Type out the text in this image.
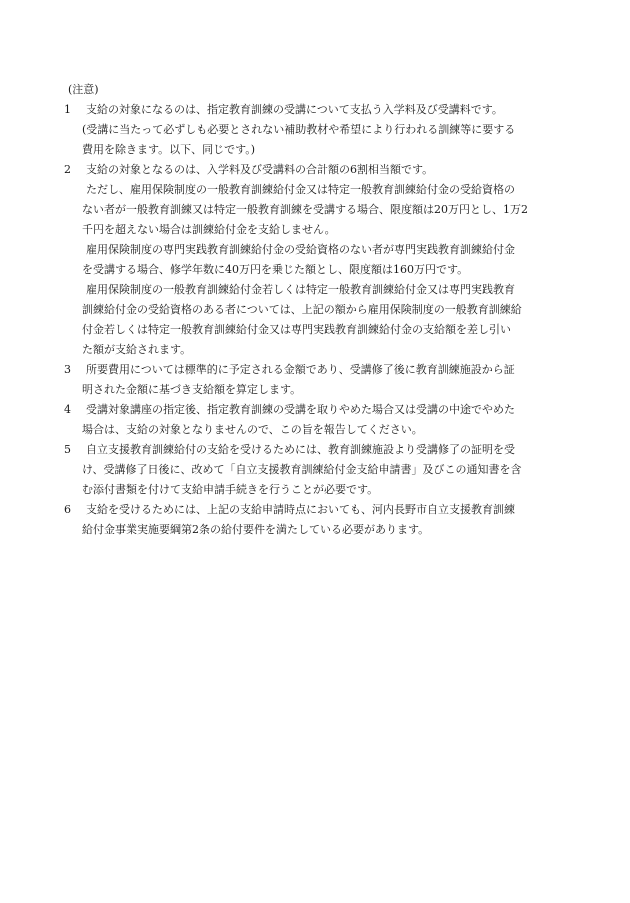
(注意)
1 支給の対象になるのは、指定教育訓練の受講について支払う入学料及び受講料です。
(受講に当たって必ずしも必要とされない補助教材や希望により行われる訓練等に要する
費用を除きます。以下、同じです。)
2 支給の対象となるのは、入学料及び受講料の合計額の6割相当額です。
ただし、雇用保険制度の一般教育訓練給付金又は特定一般教育訓練給付金の受給資格の
ない者が一般教育訓練又は特定一般教育訓練を受講する場合、限度額は20万円とし、1万2
千円を超えない場合は訓練給付金を支給しません。
雇用保険制度の専門実践教育訓練給付金の受給資格のない者が専門実践教育訓練給付金
を受講する場合、修学年数に40万円を乗じた額とし、限度額は160万円です。
雇用保険制度の一般教育訓練給付金若しくは特定一般教育訓練給付金又は専門実践教育
訓練給付金の受給資格のある者については、上記の額から雇用保険制度の一般教育訓練給
付金若しくは特定一般教育訓練給付金又は専門実践教育訓練給付金の支給額を差し引い
た額が支給されます。
3 所要費用については標準的に予定される金額であり、受講修了後に教育訓練施設から証
明された金額に基づき支給額を算定します。
4 受講対象講座の指定後、指定教育訓練の受講を取りやめた場合又は受講の中途でやめた
場合は、支給の対象となりませんので、この旨を報告してください。
5 自立支援教育訓練給付の支給を受けるためには、教育訓練施設より受講修了の証明を受
け、受講修了日後に、改めて「自立支援教育訓練給付金支給申請書」及びこの通知書を含
む添付書類を付けて支給申請手続きを行うことが必要です。
6 支給を受けるためには、上記の支給申請時点においても、河内長野市自立支援教育訓練
給付金事業実施要綱第2条の給付要件を満たしている必要があります。
